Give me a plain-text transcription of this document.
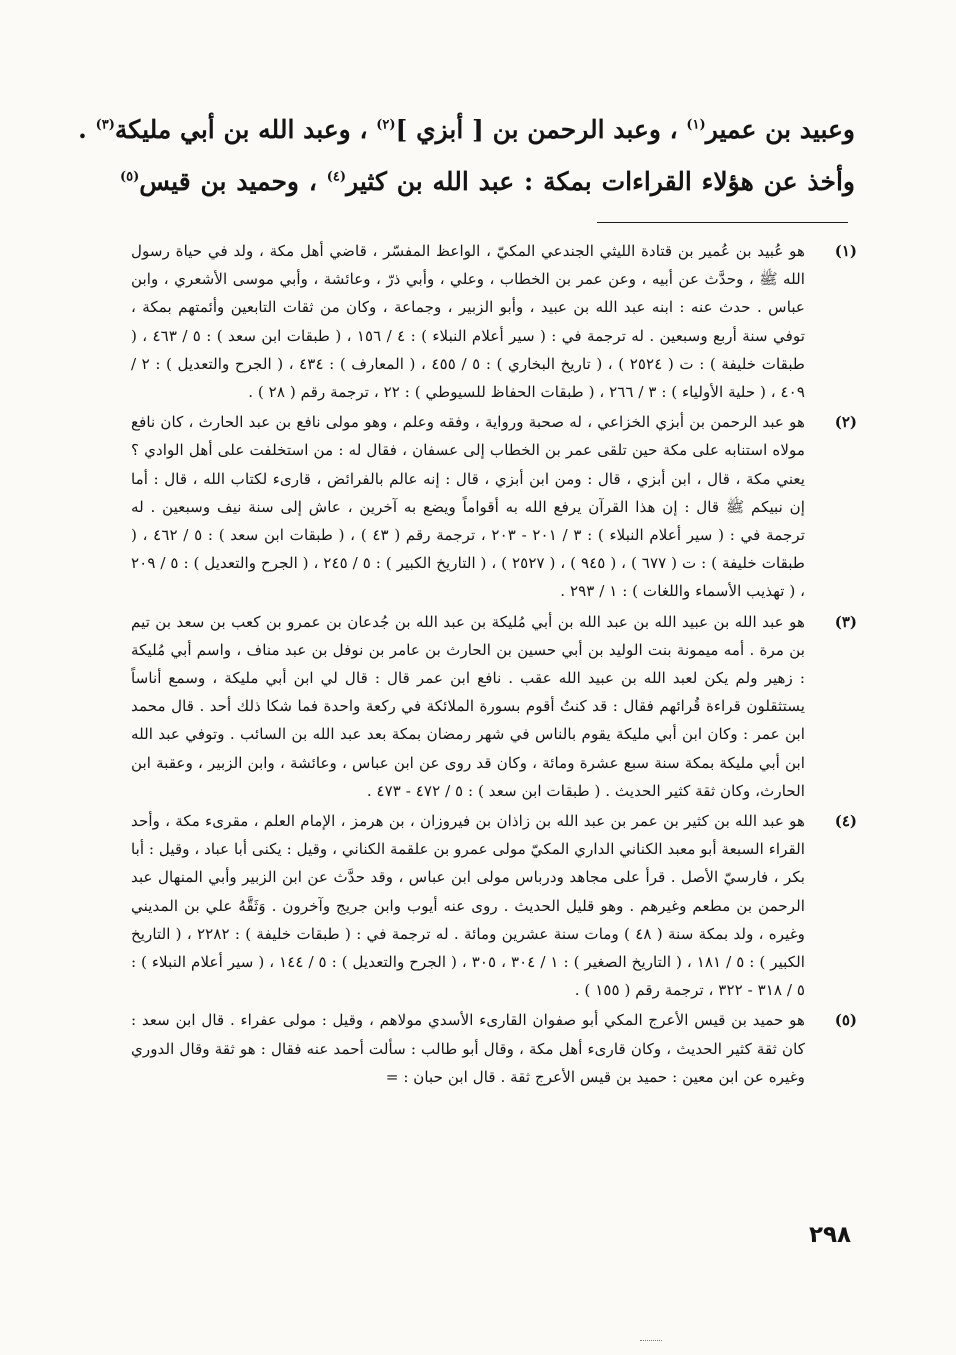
وعبيد بن عمير$^{(١)}$ ، وعبد الرحمن بن [ أبزي ]$^{(٢)}$ ، وعبد الله بن أبي مليكة$^{(٣)}$ .

وأخذ عن هؤلاء القراءات بمكة : عبد الله بن كثير$^{(٤)}$ ، وحميد بن قيس$^{(٥)}$

(١)
هو عُبيد بن عُمير بن قتادة الليثي الجندعي المكيّ ، الواعظ المفسّر ، قاضي أهل مكة ، ولد في حياة رسول الله ﷺ ، وحدَّث عن أبيه ، وعن عمر بن الخطاب ، وعلي ، وأبي ذرّ ، وعائشة ، وأبي موسى الأشعري ، وابن عباس . حدث عنه : ابنه عبد الله بن عبيد ، وأبو الزبير ، وجماعة ، وكان من ثقات التابعين وأئمتهم بمكة ، توفي سنة أربع وسبعين . له ترجمة في : ( سير أعلام النبلاء ) : ٤ / ١٥٦ ، ( طبقات ابن سعد ) : ٥ / ٤٦٣ ، ( طبقات خليفة ) : ت ( ٢٥٢٤ ) ، ( تاريخ البخاري ) : ٥ / ٤٥٥ ، ( المعارف ) : ٤٣٤ ، ( الجرح والتعديل ) : ٢ / ٤٠٩ ، ( حلية الأولياء ) : ٣ / ٢٦٦ ، ( طبقات الحفاظ للسيوطي ) : ٢٢ ، ترجمة رقم ( ٢٨ ) .
(٢)
هو عبد الرحمن بن أبزي الخزاعي ، له صحبة ورواية ، وفقه وعلم ، وهو مولى نافع بن عبد الحارث ، كان نافع مولاه استنابه على مكة حين تلقى عمر بن الخطاب إلى عسفان ، فقال له : من استخلفت على أهل الوادي ؟ يعني مكة ، قال ، ابن أبزي ، قال : ومن ابن أبزي ، قال : إنه عالم بالفرائض ، قارىء لكتاب الله ، قال : أما إن نبيكم ﷺ قال : إن هذا القرآن يرفع الله به أقواماً ويضع به آخرين ، عاش إلى سنة نيف وسبعين . له ترجمة في : ( سير أعلام النبلاء ) : ٣ / ٢٠١ - ٢٠٣ ، ترجمة رقم ( ٤٣ ) ، ( طبقات ابن سعد ) : ٥ / ٤٦٢ ، ( طبقات خليفة ) : ت ( ٦٧٧ ) ، ( ٩٤٥ ) ، ( ٢٥٢٧ ) ، ( التاريخ الكبير ) : ٥ / ٢٤٥ ، ( الجرح والتعديل ) : ٥ / ٢٠٩ ، ( تهذيب الأسماء واللغات ) : ١ / ٢٩٣ .
(٣)
هو عبد الله بن عبيد الله بن عبد الله بن أبي مُليكة بن عبد الله بن جُدعان بن عمرو بن كعب بن سعد بن تيم بن مرة . أمه ميمونة بنت الوليد بن أبي حسين بن الحارث بن عامر بن نوفل بن عبد مناف ، واسم أبي مُليكة : زهير ولم يكن لعبد الله بن عبيد الله عقب . نافع ابن عمر قال : قال لي ابن أبي مليكة ، وسمع أناساً يستثقلون قراءة قُرائهم فقال : قد كنتُ أقوم بسورة الملائكة في ركعة واحدة فما شكا ذلك أحد . قال محمد ابن عمر : وكان ابن أبي مليكة يقوم بالناس في شهر رمضان بمكة بعد عبد الله بن السائب . وتوفي عبد الله ابن أبي مليكة بمكة سنة سبع عشرة ومائة ، وكان قد روى عن ابن عباس ، وعائشة ، وابن الزبير ، وعقبة ابن الحارث، وكان ثقة كثير الحديث . ( طبقات ابن سعد ) : ٥ / ٤٧٢ - ٤٧٣ .
(٤)
هو عبد الله بن كثير بن عمر بن عبد الله بن زاذان بن فيروزان ، بن هرمز ، الإمام العلم ، مقرىء مكة ، وأحد القراء السبعة أبو معبد الكناني الداري المكيّ مولى عمرو بن علقمة الكناني ، وقيل : يكنى أبا عباد ، وقيل : أبا بكر ، فارسيّ الأصل . قرأ على مجاهد ودرباس مولى ابن عباس ، وقد حدَّث عن ابن الزبير وأبي المنهال عبد الرحمن بن مطعم وغيرهم . وهو قليل الحديث . روى عنه أيوب وابن جريج وآخرون . وَثَقَّهُ علي بن المديني وغيره ، ولد بمكة سنة ( ٤٨ ) ومات سنة عشرين ومائة . له ترجمة في : ( طبقات خليفة ) : ٢٢٨٢ ، ( التاريخ الكبير ) : ٥ / ١٨١ ، ( التاريخ الصغير ) : ١ / ٣٠٤ ، ٣٠٥ ، ( الجرح والتعديل ) : ٥ / ١٤٤ ، ( سير أعلام النبلاء ) : ٥ / ٣١٨ - ٣٢٢ ، ترجمة رقم ( ١٥٥ ) .
(٥)
هو حميد بن قيس الأعرج المكي أبو صفوان القارىء الأسدي مولاهم ، وقيل : مولى عفراء . قال ابن سعد : كان ثقة كثير الحديث ، وكان قارىء أهل مكة ، وقال أبو طالب : سألت أحمد عنه فقال : هو ثقة وقال الدوري وغيره عن ابن معين : حميد بن قيس الأعرج ثقة . قال ابن حبان : =
٢٩٨
